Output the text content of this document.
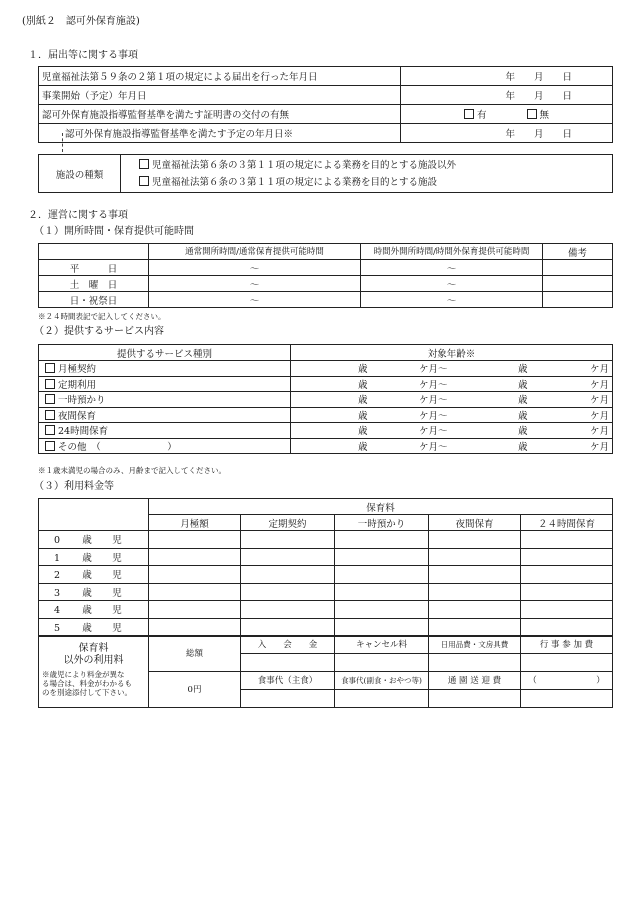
(別紙２　認可外保育施設)
１．届出等に関する事項
児童福祉法第５９条の２第１項の規定による届出を行った年月日	年　　月　　日
事業開始（予定）年月日	年　　月　　日
認可外保育施設指導監督基準を満たす証明書の交付の有無	有 無
認可外保育施設指導監督基準を満たす予定の年月日※	年　　月　　日
施設の種類	
児童福祉法第６条の３第１１項の規定による業務を目的とする施設以外
児童福祉法第６条の３第１１項の規定による業務を目的とする施設
２．運営に関する事項
（１）開所時間・保育提供可能時間
	通常開所時間/通常保育提供可能時間	時間外開所時間/時間外保育提供可能時間	備考
平　　　日	～	～	
土　曜　日	～	～	
日・祝祭日	～	～	
※２４時間表記で記入してください。
（２）提供するサービス内容
提供するサービス種別	対象年齢※			
月極契約	歳	ケ月～	歳	ケ月
定期利用	歳	ケ月～	歳	ケ月
一時預かり	歳	ケ月～	歳	ケ月
夜間保育	歳	ケ月～	歳	ケ月
24時間保育	歳	ケ月～	歳	ケ月
その他　（　　　　　　　）	歳	ケ月～	歳	ケ月
※１歳未満児の場合のみ、月齢まで記入してください。
（３）利用料金等
	保育料				
	月極額	定期契約	一時預かり	夜間保育	２４時間保育
0 歳 児					
1 歳 児					
2 歳 児					
3 歳 児					
4 歳 児					
5 歳 児					

保育料
以外の利用料
※歳児により料金が異な
る場合は、料金がわかるも
のを別途添付して下さい。	総額	入　　会　　金	キャンセル料	日用品費・文房具費	行 事 参 加 費

	0円	食事代（主食）	食事代(副食・おやつ等)	通 園 送 迎 費	（　　　　　　　）
